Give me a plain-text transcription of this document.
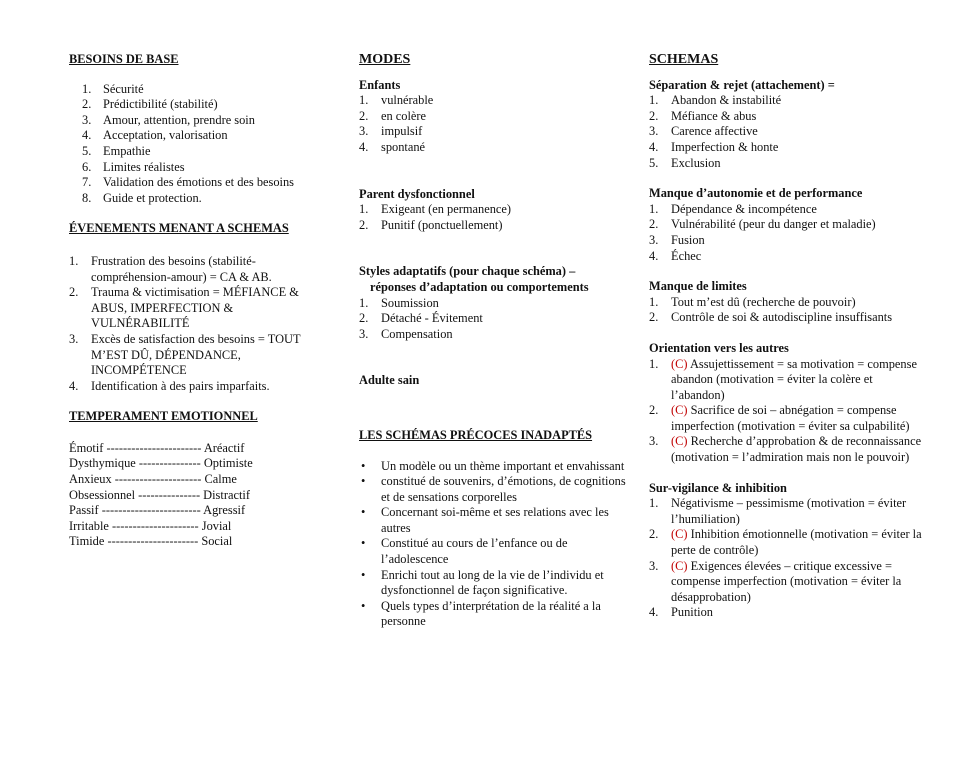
BESOINS DE BASE
1. Sécurité
2. Prédictibilité (stabilité)
3. Amour, attention, prendre soin
4. Acceptation, valorisation
5. Empathie
6. Limites réalistes
7. Validation des émotions et des besoins
8. Guide et protection.
ÉVENEMENTS MENANT A SCHEMAS
1. Frustration des besoins (stabilité-compréhension-amour) = CA & AB.
2. Trauma & victimisation = MÉFIANCE & ABUS, IMPERFECTION & VULNÉRABILITÉ
3. Excès de satisfaction des besoins = TOUT M’EST DÛ, DÉPENDANCE, INCOMPÉTENCE
4. Identification à des pairs imparfaits.
TEMPERAMENT EMOTIONNEL
Émotif ----------------------- Aréactif
Dysthymique --------------- Optimiste
Anxieux --------------------- Calme
Obsessionnel --------------- Distractif
Passif ------------------------ Agressif
Irritable --------------------- Jovial
Timide ---------------------- Social
MODES
Enfants
1. vulnérable
2. en colère
3. impulsif
4. spontané
Parent dysfonctionnel
1. Exigeant (en permanence)
2. Punitif (ponctuellement)
Styles adaptatifs (pour chaque schéma) –
réponses d’adaptation ou comportements
1. Soumission
2. Détaché - Évitement
3. Compensation
Adulte sain
LES SCHÉMAS PRÉCOCES INADAPTÉS
• Un modèle ou un thème important et envahissant
• constitué de souvenirs, d’émotions, de cognitions et de sensations corporelles
• Concernant soi-même et ses relations avec les autres
• Constitué au cours de l’enfance ou de l’adolescence
• Enrichi tout au long de la vie de l’individu et dysfonctionnel de façon significative.
• Quels types d’interprétation de la réalité a la personne
SCHEMAS
Séparation & rejet (attachement) =
1. Abandon & instabilité
2. Méfiance & abus
3. Carence affective
4. Imperfection & honte
5. Exclusion
Manque d’autonomie et de performance
1. Dépendance & incompétence
2. Vulnérabilité (peur du danger et maladie)
3. Fusion
4. Échec
Manque de limites
1. Tout m’est dû (recherche de pouvoir)
2. Contrôle de soi & autodiscipline insuffisants
Orientation vers les autres
1. (C) Assujettissement = sa motivation = compense abandon (motivation = éviter la colère et l’abandon)
2. (C) Sacrifice de soi – abnégation = compense imperfection (motivation = éviter sa culpabilité)
3. (C) Recherche d’approbation & de reconnaissance (motivation = l’admiration mais non le pouvoir)
Sur-vigilance & inhibition
1. Négativisme – pessimisme (motivation = éviter l’humiliation)
2. (C) Inhibition émotionnelle (motivation = éviter la perte de contrôle)
3. (C) Exigences élevées – critique excessive = compense imperfection (motivation = éviter la désapprobation)
4. Punition
